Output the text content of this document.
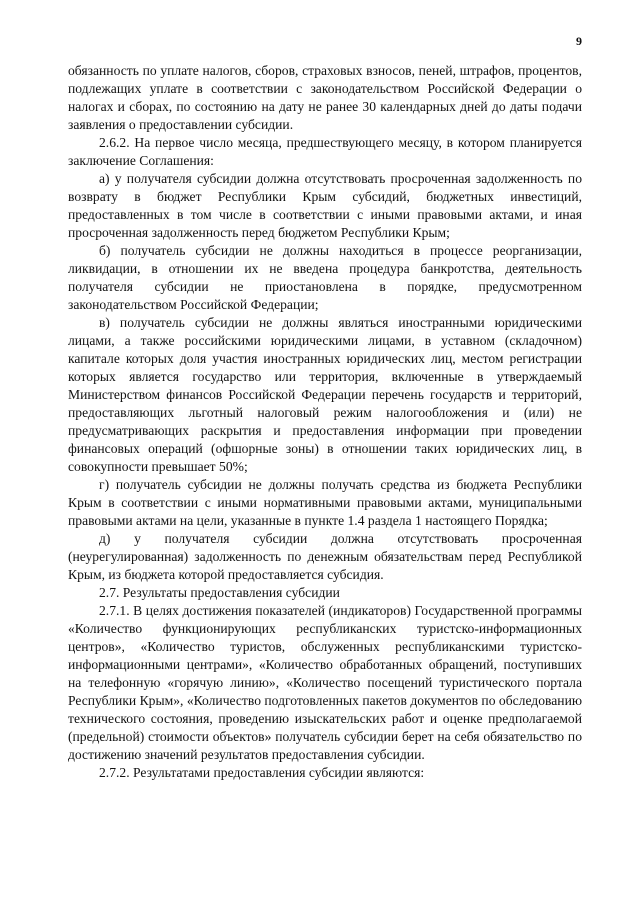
9

обязанность по уплате налогов, сборов, страховых взносов, пеней, штрафов, процентов, подлежащих уплате в соответствии с законодательством Российской Федерации о налогах и сборах, по состоянию на дату не ранее 30 календарных дней до даты подачи заявления о предоставлении субсидии.

2.6.2. На первое число месяца, предшествующего месяцу, в котором планируется заключение Соглашения:

а) у получателя субсидии должна отсутствовать просроченная задолженность по возврату в бюджет Республики Крым субсидий, бюджетных инвестиций, предоставленных в том числе в соответствии с иными правовыми актами, и иная просроченная задолженность перед бюджетом Республики Крым;

б) получатель субсидии не должны находиться в процессе реорганизации, ликвидации, в отношении их не введена процедура банкротства, деятельность получателя субсидии не приостановлена в порядке, предусмотренном законодательством Российской Федерации;

в) получатель субсидии не должны являться иностранными юридическими лицами, а также российскими юридическими лицами, в уставном (складочном) капитале которых доля участия иностранных юридических лиц, местом регистрации которых является государство или территория, включенные в утверждаемый Министерством финансов Российской Федерации перечень государств и территорий, предоставляющих льготный налоговый режим налогообложения и (или) не предусматривающих раскрытия и предоставления информации при проведении финансовых операций (офшорные зоны) в отношении таких юридических лиц, в совокупности превышает 50%;

г) получатель субсидии не должны получать средства из бюджета Республики Крым в соответствии с иными нормативными правовыми актами, муниципальными правовыми актами на цели, указанные в пункте 1.4 раздела 1 настоящего Порядка;

д) у получателя субсидии должна отсутствовать просроченная (неурегулированная) задолженность по денежным обязательствам перед Республикой Крым, из бюджета которой предоставляется субсидия.

2.7. Результаты предоставления субсидии

2.7.1. В целях достижения показателей (индикаторов) Государственной программы «Количество функционирующих республиканских туристско-информационных центров», «Количество туристов, обслуженных республиканскими туристско-информационными центрами», «Количество обработанных обращений, поступивших на телефонную «горячую линию», «Количество посещений туристического портала Республики Крым», «Количество подготовленных пакетов документов по обследованию технического состояния, проведению изыскательских работ и оценке предполагаемой (предельной) стоимости объектов» получатель субсидии берет на себя обязательство по достижению значений результатов предоставления субсидии.

2.7.2. Результатами предоставления субсидии являются:
